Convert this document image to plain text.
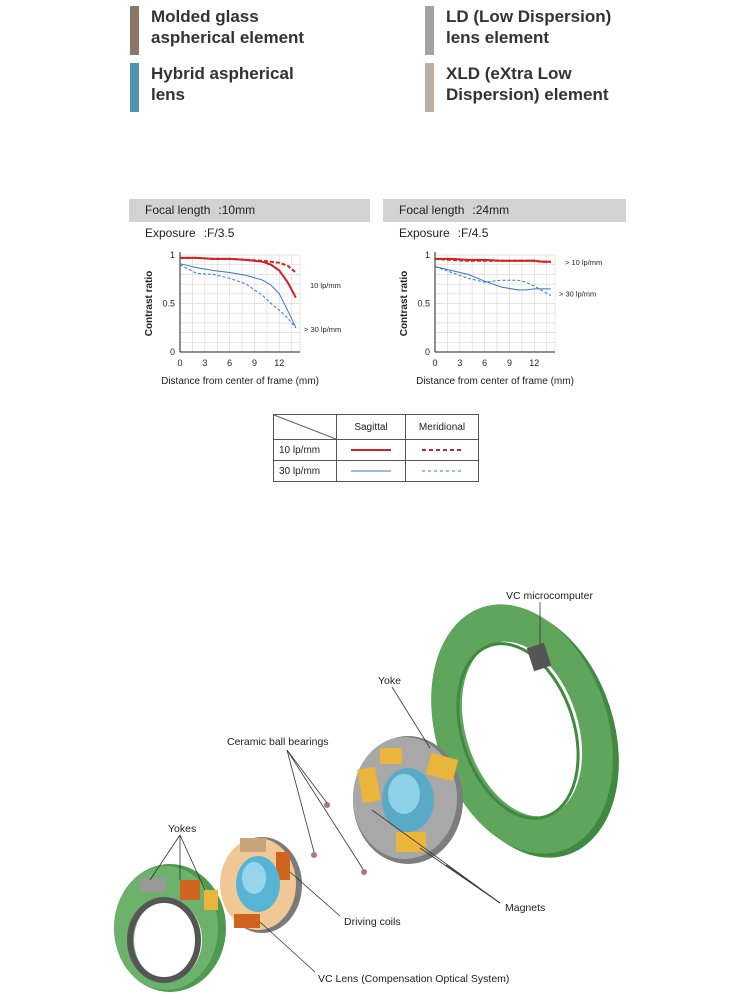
Molded glass
aspherical element
LD (Low Dispersion)
lens element
Hybrid aspherical
lens
XLD (eXtra Low
Dispersion) element
Focal length :10mm Exposure :F/3.5
Focal length :24mm Exposure :F/4.5
0 3 6 9 12
0
0.5
1
Distance from center of frame (mm)
Contrast ratio	10 lp/mm
> 30 lp/mm
0 3 6 9 12
0
0.5
1
Distance from center of frame (mm)
Contrast ratio
> 10 lp/mm
> 30 lp/mm
	Sagittal	Meridional
10 lp/mm		
30 lp/mm		
VC microcomputer
Yoke
Ceramic ball bearings
Yokes
Driving coils
Magnets
VC Lens (Compensation Optical System)
